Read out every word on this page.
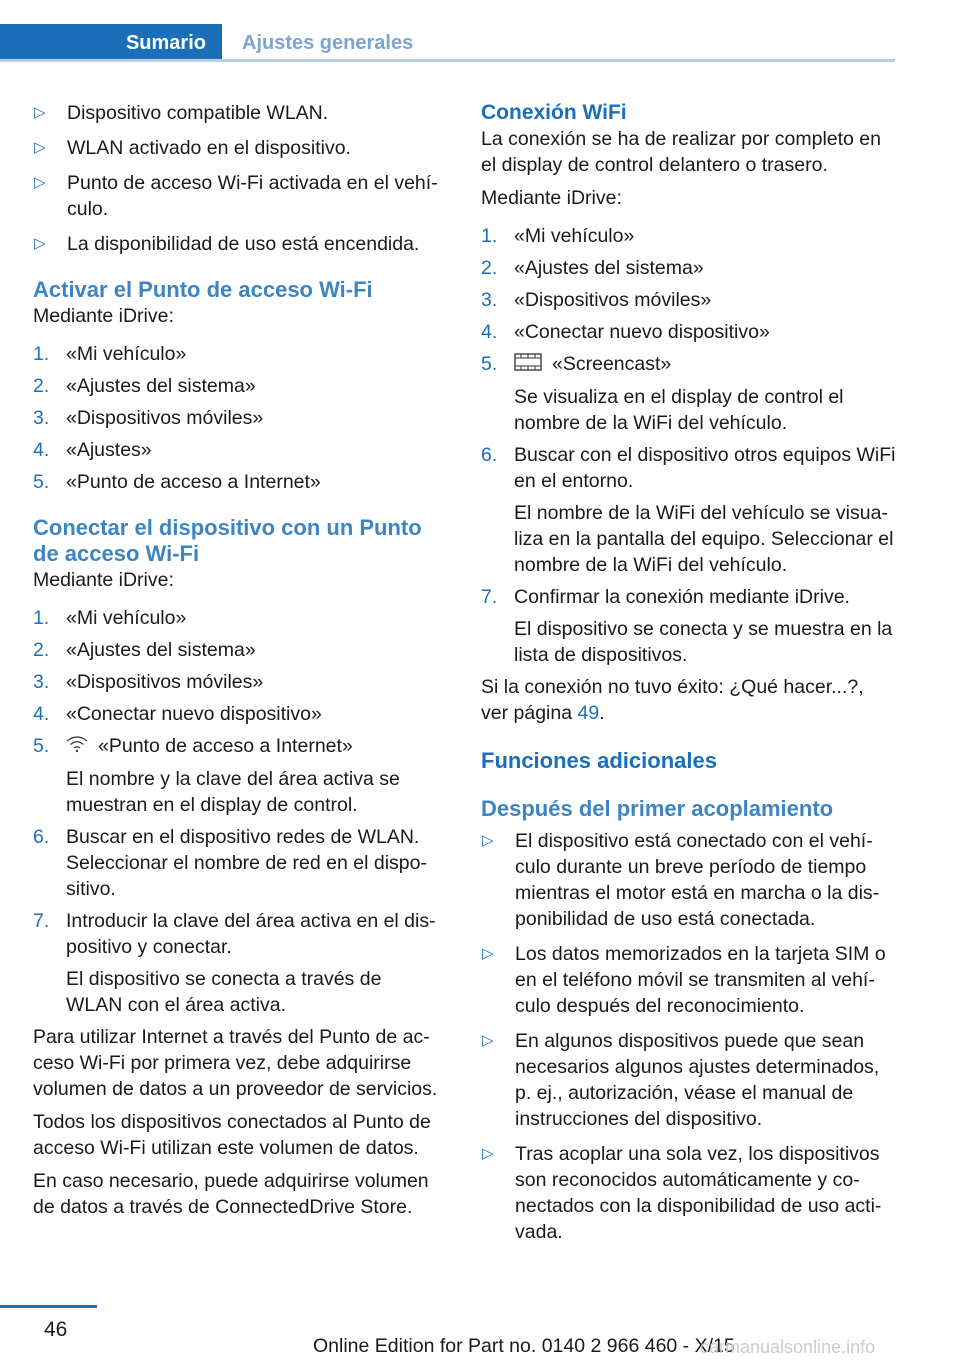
Sumario Ajustes generales
▷	Dispositivo compatible WLAN.
▷	WLAN activado en el dispositivo.
▷	Punto de acceso Wi-Fi activada en el vehículo.
▷	La disponibilidad de uso está encendida.
Activar el Punto de acceso Wi-Fi

Mediante iDrive:

1. «Mi vehículo»
2. «Ajustes del sistema»
3. «Dispositivos móviles»
4. «Ajustes»
5. «Punto de acceso a Internet»
Conectar el dispositivo con un Punto de acceso Wi-Fi

Mediante iDrive:

1. «Mi vehículo»
2. «Ajustes del sistema»
3. «Dispositivos móviles»
4. «Conectar nuevo dispositivo»
5.	«Punto de acceso a Internet»
El nombre y la clave del área activa se muestran en el display de control.
6. Buscar en el dispositivo redes de WLAN. Seleccionar el nombre de red en el dispositivo.
7. Introducir la clave del área activa en el dispositivo y conectar.
El dispositivo se conecta a través de WLAN con el área activa.

Para utilizar Internet a través del Punto de acceso Wi-Fi por primera vez, debe adquirirse volumen de datos a un proveedor de servicios.

Todos los dispositivos conectados al Punto de acceso Wi-Fi utilizan este volumen de datos.

En caso necesario, puede adquirirse volumen de datos a través de ConnectedDrive Store.

Conexión WiFi

La conexión se ha de realizar por completo en el display de control delantero o trasero.

Mediante iDrive:

1. «Mi vehículo»
2. «Ajustes del sistema»
3. «Dispositivos móviles»
4. «Conectar nuevo dispositivo»
5.	«Screencast»
Se visualiza en el display de control el nombre de la WiFi del vehículo.
6. Buscar con el dispositivo otros equipos WiFi en el entorno.
El nombre de la WiFi del vehículo se visualiza en la pantalla del equipo. Seleccionar el nombre de la WiFi del vehículo.
7. Confirmar la conexión mediante iDrive.
El dispositivo se conecta y se muestra en la lista de dispositivos.

Si la conexión no tuvo éxito: ¿Qué hacer...?, ver página 49.

Funciones adicionales
Después del primer acoplamiento
▷	El dispositivo está conectado con el vehículo durante un breve período de tiempo mientras el motor está en marcha o la disponibilidad de uso está conectada.
▷	Los datos memorizados en la tarjeta SIM o en el teléfono móvil se transmiten al vehículo después del reconocimiento.
▷	En algunos dispositivos puede que sean necesarios algunos ajustes determinados, p. ej., autorización, véase el manual de instrucciones del dispositivo.
▷	Tras acoplar una sola vez, los dispositivos son reconocidos automáticamente y conectados con la disponibilidad de uso activada.
46
Online Edition for Part no. 0140 2 966 460 - X/15
carmanualsonline.info
